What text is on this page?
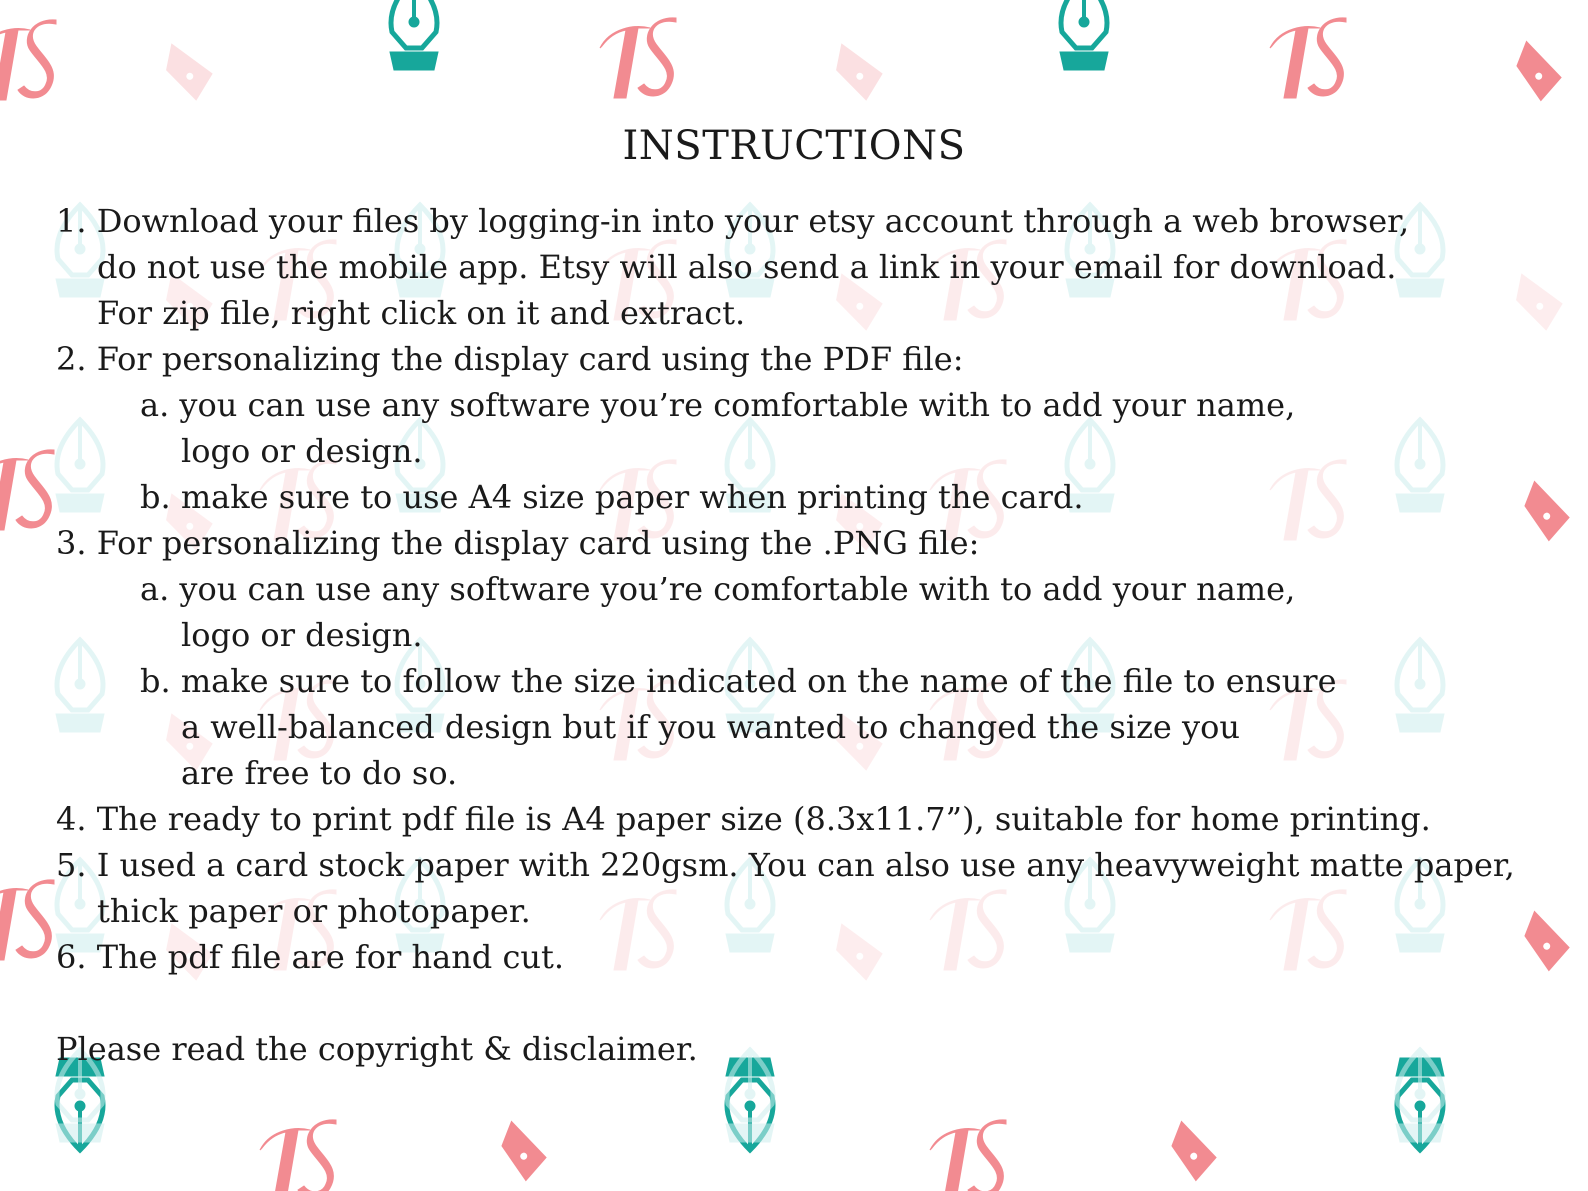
INSTRUCTIONS
1. Download your files by logging-in into your etsy account through a web browser,
do not use the mobile app. Etsy will also send a link in your email for download.
For zip file, right click on it and extract.
2. For personalizing the display card using the PDF file:
a. you can use any software you’re comfortable with to add your name,
logo or design.
b. make sure to use A4 size paper when printing the card.
3. For personalizing the display card using the .PNG file:
a. you can use any software you’re comfortable with to add your name,
logo or design.
b. make sure to follow the size indicated on the name of the file to ensure
a well-balanced design but if you wanted to changed the size you
are free to do so.
4. The ready to print pdf file is A4 paper size (8.3x11.7”), suitable for home printing.
5. I used a card stock paper with 220gsm. You can also use any heavyweight matte paper,
thick paper or photopaper.
6. The pdf file are for hand cut.
Please read the copyright & disclaimer.
